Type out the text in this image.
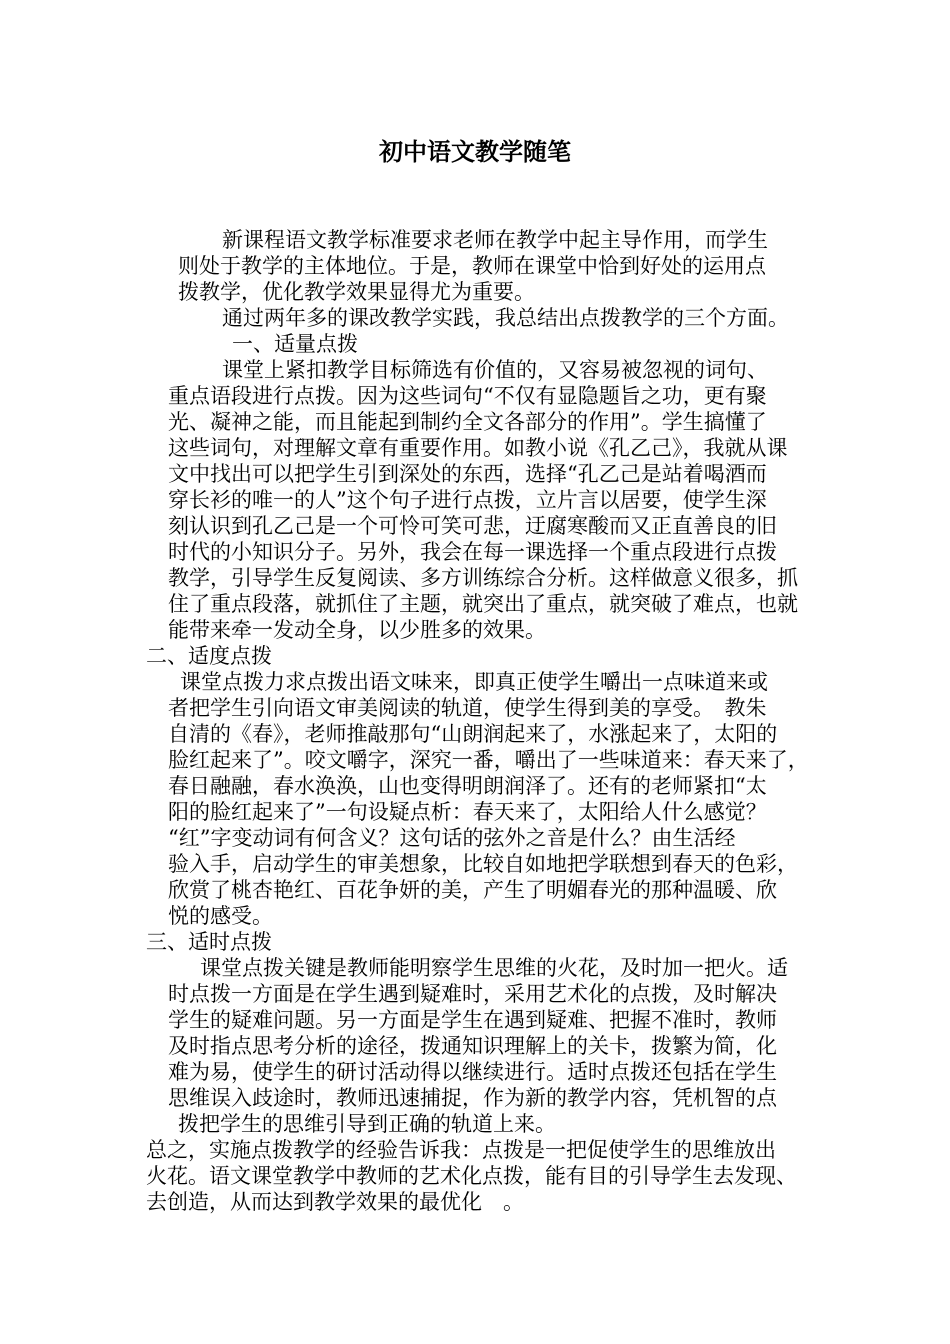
初中语文教学随笔
新课程语文教学标准要求老师在教学中起主导作用，而学生
则处于教学的主体地位。于是，教师在课堂中恰到好处的运用点
拨教学，优化教学效果显得尤为重要。
通过两年多的课改教学实践，我总结出点拨教学的三个方面。
一、适量点拨
课堂上紧扣教学目标筛选有价值的，又容易被忽视的词句、
重点语段进行点拨。因为这些词句“不仅有显隐题旨之功，更有聚
光、凝神之能，而且能起到制约全文各部分的作用”。学生搞懂了
这些词句，对理解文章有重要作用。如教小说《孔乙己》，我就从课
文中找出可以把学生引到深处的东西，选择“孔乙己是站着喝酒而
穿长衫的唯一的人”这个句子进行点拨，立片言以居要，使学生深
刻认识到孔乙己是一个可怜可笑可悲，迂腐寒酸而又正直善良的旧
时代的小知识分子。另外，我会在每一课选择一个重点段进行点拨
教学，引导学生反复阅读、多方训练综合分析。这样做意义很多，抓
住了重点段落，就抓住了主题，就突出了重点，就突破了难点，也就
能带来牵一发动全身，以少胜多的效果。
二、适度点拨
课堂点拨力求点拨出语文味来，即真正使学生嚼出一点味道来或
者把学生引向语文审美阅读的轨道，使学生得到美的享受。　教朱
自清的《春》，老师推敲那句“山朗润起来了，水涨起来了，太阳的
脸红起来了”。咬文嚼字，深究一番，嚼出了一些味道来：春天来了，
春日融融，春水涣涣，山也变得明朗润泽了。还有的老师紧扣“太
阳的脸红起来了”一句设疑点析：春天来了，太阳给人什么感觉？
“红”字变动词有何含义？这句话的弦外之音是什么？由生活经
验入手，启动学生的审美想象，比较自如地把学联想到春天的色彩，
欣赏了桃杏艳红、百花争妍的美，产生了明媚春光的那种温暖、欣
悦的感受。
三、适时点拨
课堂点拨关键是教师能明察学生思维的火花，及时加一把火。适
时点拨一方面是在学生遇到疑难时，采用艺术化的点拨，及时解决
学生的疑难问题。另一方面是学生在遇到疑难、把握不准时，教师
及时指点思考分析的途径，拨通知识理解上的关卡，拨繁为简，化
难为易，使学生的研讨活动得以继续进行。适时点拨还包括在学生
思维误入歧途时，教师迅速捕捉，作为新的教学内容，凭机智的点
拨把学生的思维引导到正确的轨道上来。
总之，实施点拨教学的经验告诉我：点拨是一把促使学生的思维放出
火花。语文课堂教学中教师的艺术化点拨，能有目的引导学生去发现、
去创造，从而达到教学效果的最优化　。
